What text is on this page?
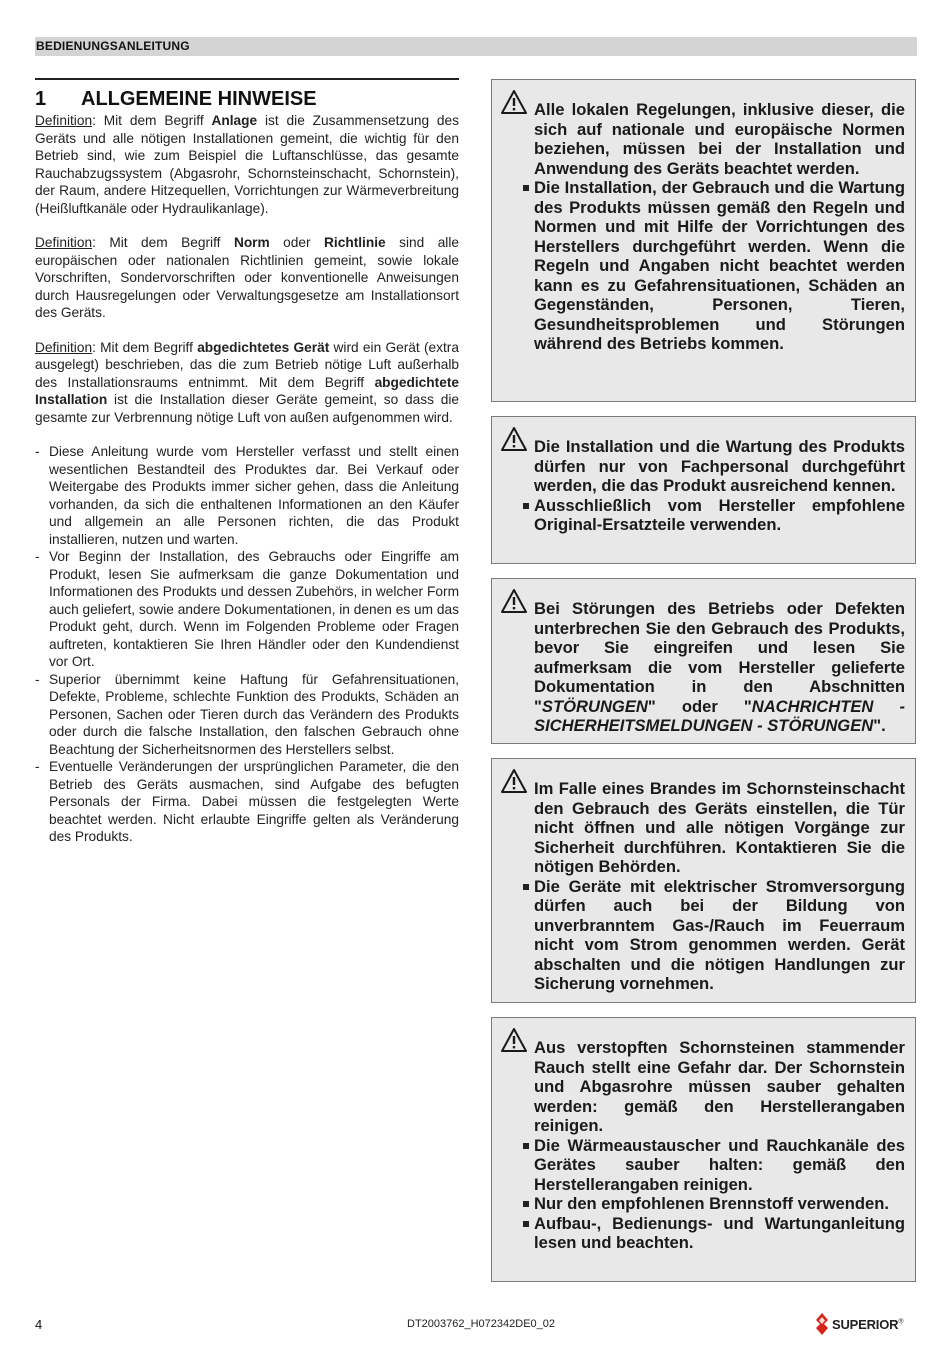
BEDIENUNGSANLEITUNG
1	ALLGEMEINE HINWEISE

Definition: Mit dem Begriff Anlage ist die Zusammensetzung des Geräts und alle nötigen Installationen gemeint, die wichtig für den Betrieb sind, wie zum Beispiel die Luftanschlüsse, das gesamte Rauchabzugssystem (Abgasrohr, Schornsteinschacht, Schornstein), der Raum, andere Hitzequellen, Vorrichtungen zur Wärmeverbreitung (Heißluftkanäle oder Hydraulikanlage).

Definition: Mit dem Begriff Norm oder Richtlinie sind alle europäischen oder nationalen Richtlinien gemeint, sowie lokale Vorschriften, Sondervorschriften oder konventionelle Anweisungen durch Hausregelungen oder Verwaltungsgesetze am Installationsort des Geräts.

Definition: Mit dem Begriff abgedichtetes Gerät wird ein Gerät (extra ausgelegt) beschrieben, das die zum Betrieb nötige Luft außerhalb des Installationsraums entnimmt. Mit dem Begriff abgedichtete Installation ist die Installation dieser Geräte gemeint, so dass die gesamte zur Verbrennung nötige Luft von außen aufgenommen wird.

- Diese Anleitung wurde vom Hersteller verfasst und stellt einen wesentlichen Bestandteil des Produktes dar. Bei Verkauf oder Weitergabe des Produkts immer sicher gehen, dass die Anleitung vorhanden, da sich die enthaltenen Informationen an den Käufer und allgemein an alle Personen richten, die das Produkt installieren, nutzen und warten.
- Vor Beginn der Installation, des Gebrauchs oder Eingriffe am Produkt, lesen Sie aufmerksam die ganze Dokumentation und Informationen des Produkts und dessen Zubehörs, in welcher Form auch geliefert, sowie andere Dokumentationen, in denen es um das Produkt geht, durch. Wenn im Folgenden Probleme oder Fragen auftreten, kontaktieren Sie Ihren Händler oder den Kundendienst vor Ort.
- Superior übernimmt keine Haftung für Gefahrensituationen, Defekte, Probleme, schlechte Funktion des Produkts, Schäden an Personen, Sachen oder Tieren durch das Verändern des Produkts oder durch die falsche Installation, den falschen Gebrauch ohne Beachtung der Sicherheitsnormen des Herstellers selbst.
- Eventuelle Veränderungen der ursprünglichen Parameter, die den Betrieb des Geräts ausmachen, sind Aufgabe des befugten Personals der Firma. Dabei müssen die festgelegten Werte beachtet werden. Nicht erlaubte Eingriffe gelten als Veränderung des Produkts.

Alle lokalen Regelungen, inklusive dieser, die sich auf nationale und europäische Normen beziehen, müssen bei der Installation und Anwendung des Geräts beachtet werden.

Die Installation, der Gebrauch und die Wartung des Produkts müssen gemäß den Regeln und Normen und mit Hilfe der Vorrichtungen des Herstellers durchgeführt werden. Wenn die Regeln und Angaben nicht beachtet werden kann es zu Gefahrensituationen, Schäden an Gegenständen, Personen, Tieren, Gesundheitsproblemen und Störungen während des Betriebs kommen.

Die Installation und die Wartung des Produkts dürfen nur von Fachpersonal durchgeführt werden, die das Produkt ausreichend kennen.

Ausschließlich vom Hersteller empfohlene Original-Ersatzteile verwenden.

Bei Störungen des Betriebs oder Defekten unterbrechen Sie den Gebrauch des Produkts, bevor Sie eingreifen und lesen Sie aufmerksam die vom Hersteller gelieferte Dokumentation in den Abschnitten "STÖRUNGEN" oder "NACHRICHTEN - SICHERHEITSMELDUNGEN - STÖRUNGEN".

Im Falle eines Brandes im Schornsteinschacht den Gebrauch des Geräts einstellen, die Tür nicht öffnen und alle nötigen Vorgänge zur Sicherheit durchführen. Kontaktieren Sie die nötigen Behörden.

Die Geräte mit elektrischer Stromversorgung dürfen auch bei der Bildung von unverbranntem Gas-/Rauch im Feuerraum nicht vom Strom genommen werden. Gerät abschalten und die nötigen Handlungen zur Sicherung vornehmen.

Aus verstopften Schornsteinen stammender Rauch stellt eine Gefahr dar. Der Schornstein und Abgasrohre müssen sauber gehalten werden: gemäß den Herstellerangaben reinigen.

Die Wärmeaustauscher und Rauchkanäle des Gerätes sauber halten: gemäß den Herstellerangaben reinigen.
Nur den empfohlenen Brennstoff verwenden.
Aufbau-, Bedienungs- und Wartunganleitung lesen und beachten.
4	DT2003762_H072342DE0_02	SUPERIOR®
